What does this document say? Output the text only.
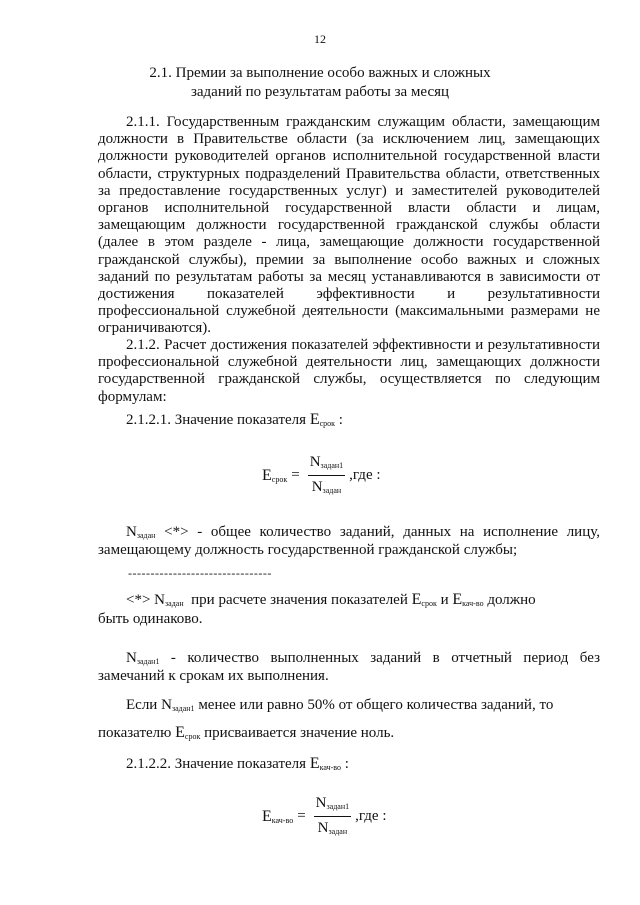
12
2.1. Премии за выполнение особо важных и сложных
заданий по результатам работы за месяц

2.1.1. Государственным гражданским служащим области, замещающим должности в Правительстве области (за исключением лиц, замещающих должности руководителей органов исполнительной государственной власти области, структурных подразделений Правительства области, ответственных за предоставление государственных услуг) и заместителей руководителей органов исполнительной государственной власти области и лицам, замещающим должности государственной гражданской службы области (далее в этом разделе - лица, замещающие должности государственной гражданской службы), премии за выполнение особо важных и сложных заданий по результатам работы за месяц устанавливаются в зависимости от достижения показателей эффективности и результативности профессиональной служебной деятельности (максимальными размерами не ограничиваются).

2.1.2. Расчет достижения показателей эффективности и результативности профессиональной служебной деятельности лиц, замещающих должности государственной гражданской службы, осуществляется по следующим формулам:

2.1.2.1. Значение показателя Eсрок :
Eсрок = $\frac{\text{Nзадан1}}{\text{Nзадан}} ,где$ :

Nзадан <*> - общее количество заданий, данных на исполнение лицу, замещающему должность государственной гражданской службы;

--------------------------------
<*> Nзадан при расчете значения показателей Eсрок и Eкач-во должно
быть одинаково.

Nзадан1 - количество выполненных заданий в отчетный период без замечаний к срокам их выполнения.

Если Nзадан1 менее или равно 50% от общего количества заданий, то
показателю Eсрок присваивается значение ноль.
2.1.2.2. Значение показателя Eкач-во :
Eкач-во = $\frac{\text{Nзадан1}}{\text{Nзадан}} ,где$ :
